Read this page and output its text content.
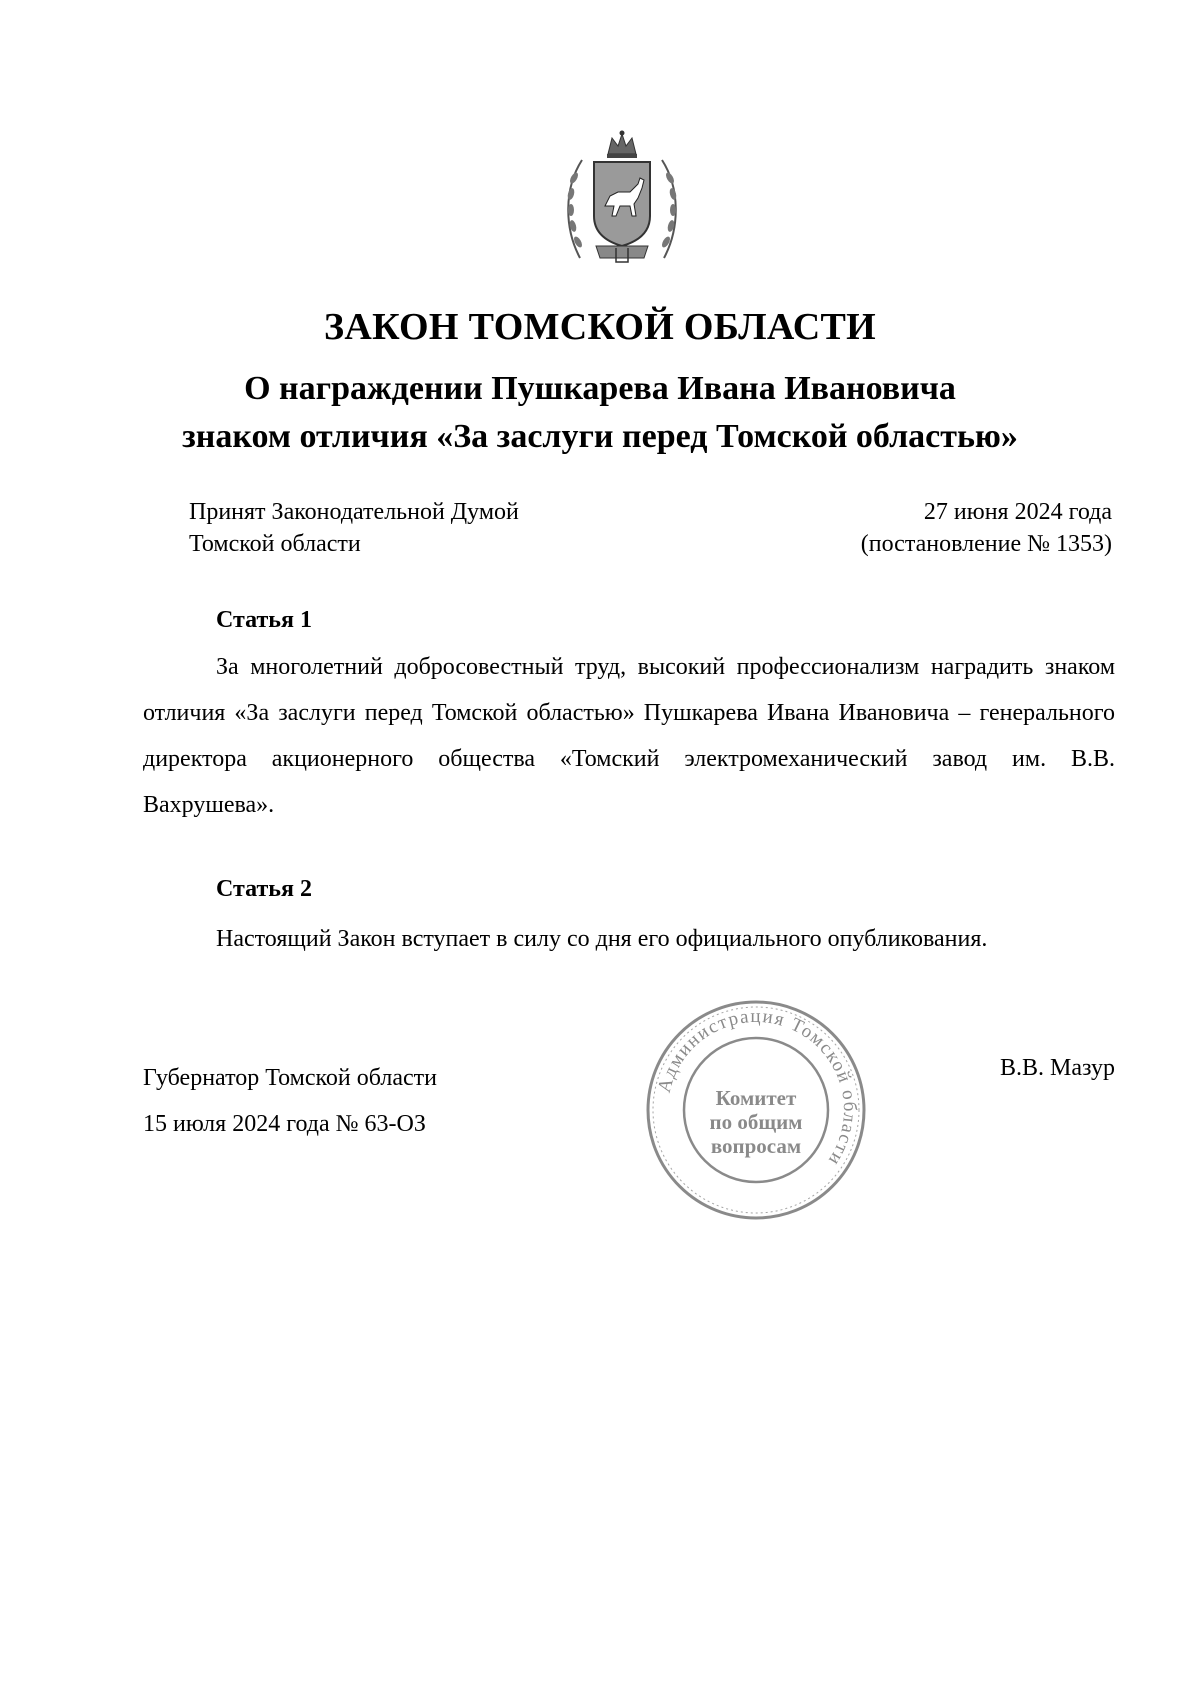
ЗАКОН ТОМСКОЙ ОБЛАСТИ
О награждении Пушкарева Ивана Ивановича
знаком отличия «За заслуги перед Томской областью»
Принят Законодательной Думой
Томской области
27 июня 2024 года
(постановление № 1353)
Статья 1
За многолетний добросовестный труд, высокий профессионализм наградить знаком отличия «За заслуги перед Томской областью» Пушкарева Ивана Ивановича – генерального директора акционерного общества «Томский электромеханический завод им. В.В. Вахрушева».
Статья 2
Настоящий Закон вступает в силу со дня его официального опубликования.
Губернатор Томской области
15 июля 2024 года № 63-ОЗ
В.В. Мазур
Администрация Томской области
Комитет
по общим
вопросам
